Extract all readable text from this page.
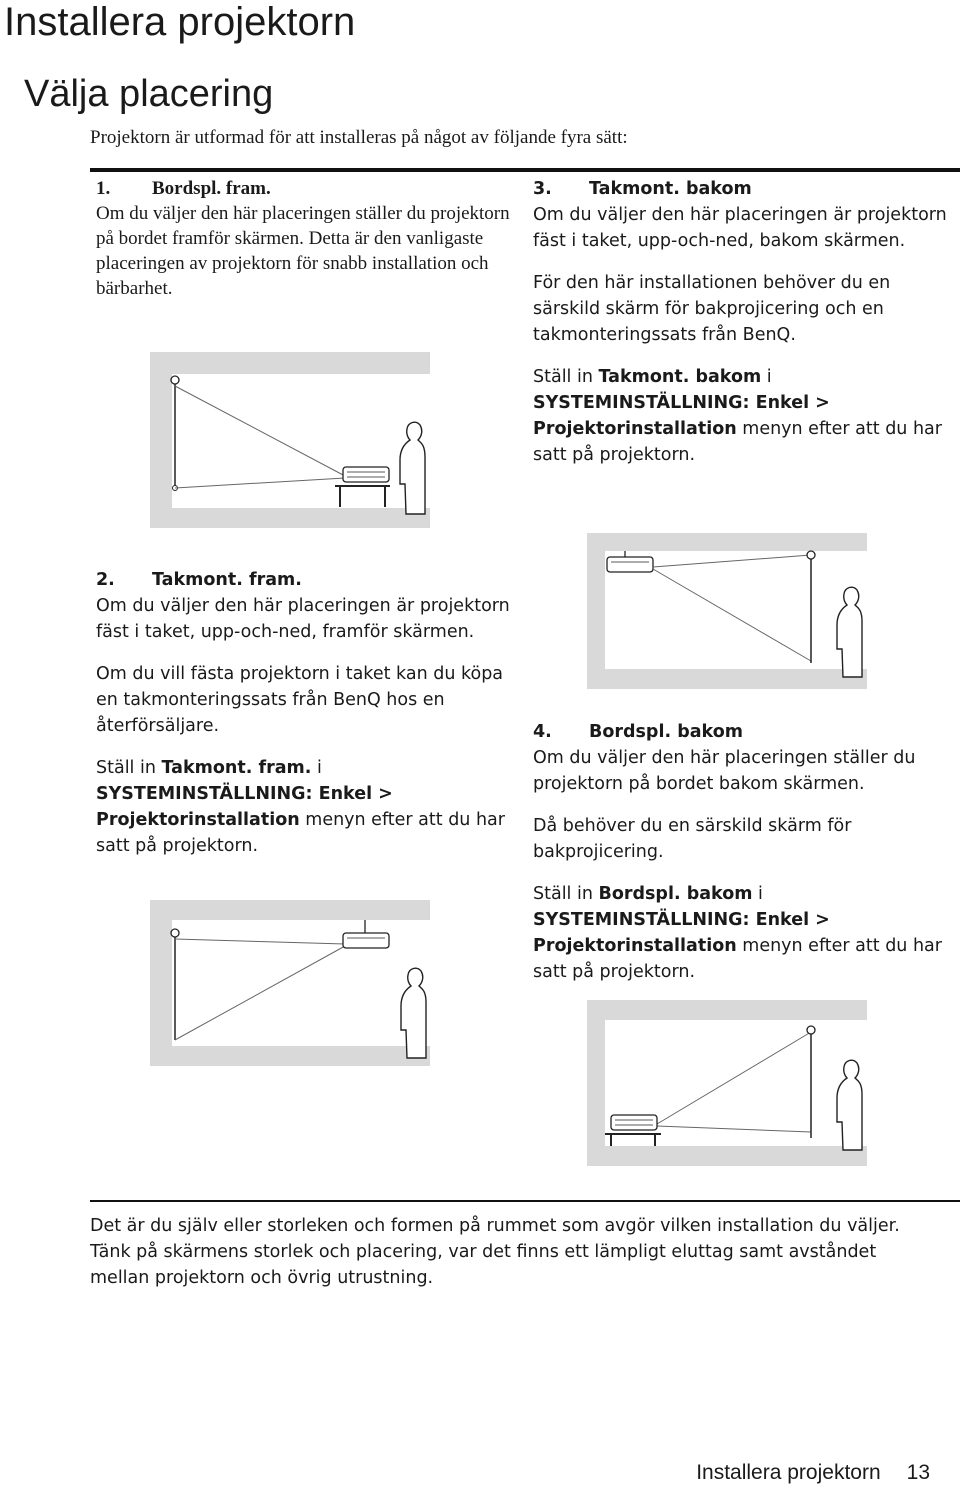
Installera projektorn
Välja placering
Projektorn är utformad för att installeras på något av följande fyra sätt:

1. Bordspl. fram.

Om du väljer den här placeringen ställer du projektorn på bordet framför skärmen. Detta är den vanligaste placeringen av projektorn för snabb installation och bärbarhet.

3. Takmont. bakom

Om du väljer den här placeringen är projektorn fäst i taket, upp-och-ned, bakom skärmen.

För den här installationen behöver du en särskild skärm för bakprojicering och en takmonteringssats från BenQ.

Ställ in Takmont. bakom i
SYSTEMINSTÄLLNING: Enkel >
Projektorinstallation menyn efter att du har satt på projektorn.

2. Takmont. fram.

Om du väljer den här placeringen är projektorn fäst i taket, upp-och-ned, framför skärmen.

Om du vill fästa projektorn i taket kan du köpa en takmonteringssats från BenQ hos en återförsäljare.

Ställ in Takmont. fram. i
SYSTEMINSTÄLLNING: Enkel >
Projektorinstallation menyn efter att du har satt på projektorn.

4. Bordspl. bakom

Om du väljer den här placeringen ställer du projektorn på bordet bakom skärmen.

Då behöver du en särskild skärm för bakprojicering.

Ställ in Bordspl. bakom i
SYSTEMINSTÄLLNING: Enkel >
Projektorinstallation menyn efter att du har satt på projektorn.

Det är du själv eller storleken och formen på rummet som avgör vilken installation du väljer. Tänk på skärmens storlek och placering, var det finns ett lämpligt eluttag samt avståndet mellan projektorn och övrig utrustning.
Installera projektorn 13
